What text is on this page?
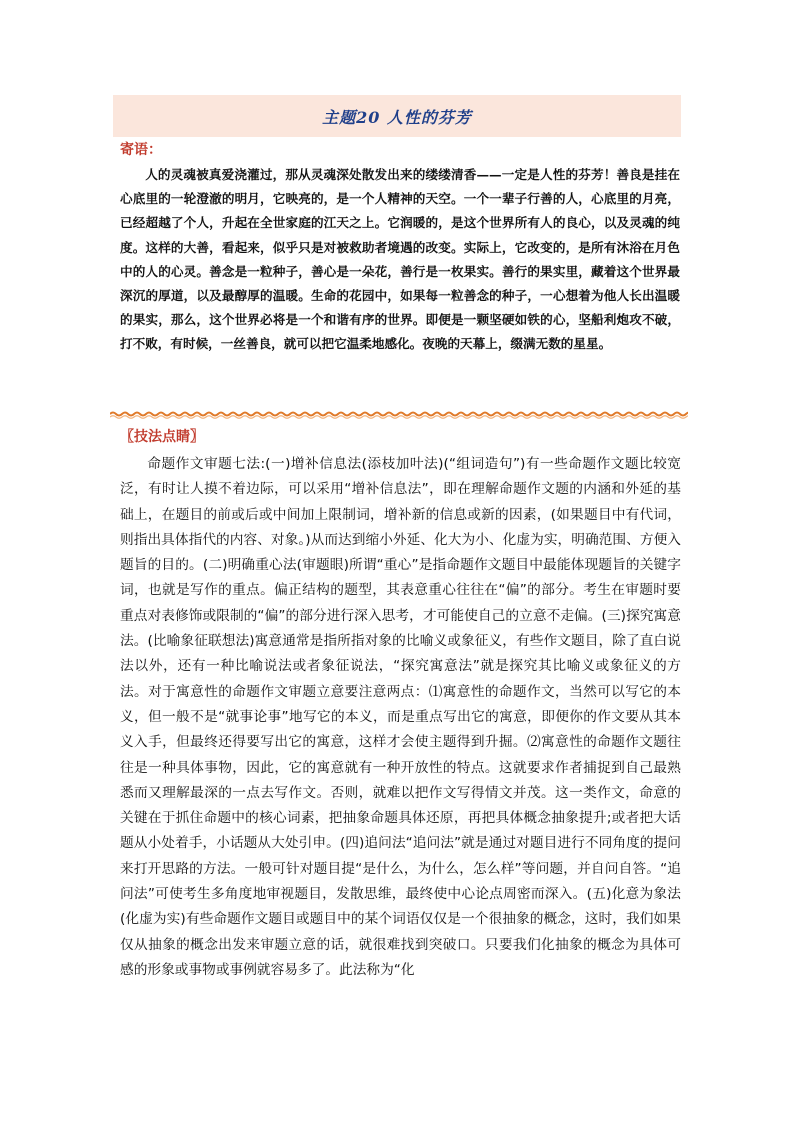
主题20 人性的芬芳
寄语：
人的灵魂被真爱浇灌过，那从灵魂深处散发出来的缕缕清香——一定是人性的芬芳！善良是挂在心底里的一轮澄澈的明月，它映亮的，是一个人精神的天空。一个一辈子行善的人，心底里的月亮，已经超越了个人，升起在全世家庭的江天之上。它润暖的，是这个世界所有人的良心，以及灵魂的纯度。这样的大善，看起来，似乎只是对被救助者境遇的改变。实际上，它改变的，是所有沐浴在月色中的人的心灵。善念是一粒种子，善心是一朵花，善行是一枚果实。善行的果实里，藏着这个世界最深沉的厚道，以及最醇厚的温暖。生命的花园中，如果每一粒善念的种子，一心想着为他人长出温暖的果实，那么，这个世界必将是一个和谐有序的世界。即便是一颗坚硬如铁的心，坚船利炮攻不破，打不败，有时候，一丝善良，就可以把它温柔地感化。夜晚的天幕上，缀满无数的星星。
〖技法点睛〗
命题作文审题七法:(一)增补信息法(添枝加叶法)(“组词造句”)有一些命题作文题比较宽泛，有时让人摸不着边际，可以采用“增补信息法”，即在理解命题作文题的内涵和外延的基础上，在题目的前或后或中间加上限制词，增补新的信息或新的因素，(如果题目中有代词，则指出具体指代的内容、对象。)从而达到缩小外延、化大为小、化虚为实，明确范围、方便入题旨的目的。(二)明确重心法(审题眼)所谓“重心”是指命题作文题目中最能体现题旨的关键字词，也就是写作的重点。偏正结构的题型，其表意重心往往在“偏”的部分。考生在审题时要重点对表修饰或限制的“偏”的部分进行深入思考，才可能使自己的立意不走偏。(三)探究寓意法。(比喻象征联想法)寓意通常是指所指对象的比喻义或象征义，有些作文题目，除了直白说法以外，还有一种比喻说法或者象征说法，“探究寓意法”就是探究其比喻义或象征义的方法。对于寓意性的命题作文审题立意要注意两点：⑴寓意性的命题作文，当然可以写它的本义，但一般不是“就事论事”地写它的本义，而是重点写出它的寓意，即便你的作文要从其本义入手，但最终还得要写出它的寓意，这样才会使主题得到升掘。⑵寓意性的命题作文题往往是一种具体事物，因此，它的寓意就有一种开放性的特点。这就要求作者捕捉到自己最熟悉而又理解最深的一点去写作文。否则，就难以把作文写得情文并茂。这一类作文，命意的关键在于抓住命题中的核心词素，把抽象命题具体还原，再把具体概念抽象提升;或者把大话题从小处着手，小话题从大处引申。(四)追问法“追问法”就是通过对题目进行不同角度的提问来打开思路的方法。一般可针对题目提“是什么，为什么，怎么样”等问题，并自问自答。“追问法”可使考生多角度地审视题目，发散思维，最终使中心论点周密而深入。(五)化意为象法(化虚为实)有些命题作文题目或题目中的某个词语仅仅是一个很抽象的概念，这时，我们如果仅从抽象的概念出发来审题立意的话，就很难找到突破口。只要我们化抽象的概念为具体可感的形象或事物或事例就容易多了。此法称为“化
